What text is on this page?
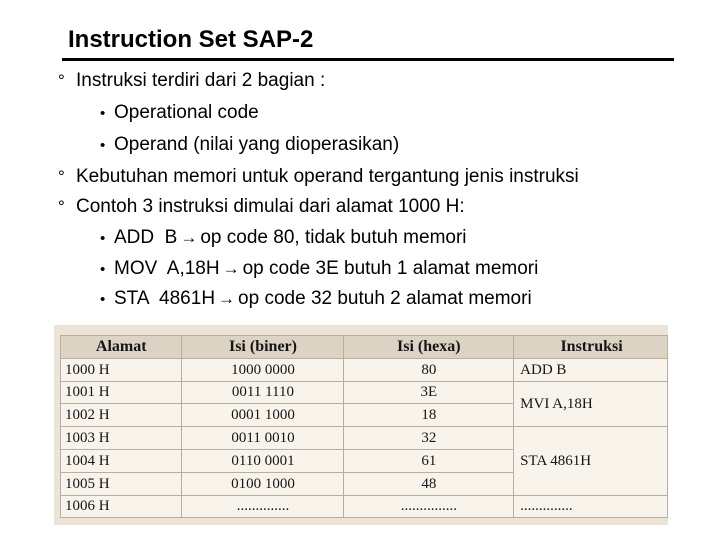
Instruction Set SAP-2
° Instruksi terdiri dari 2 bagian :
• Operational code
• Operand (nilai yang dioperasikan)
° Kebutuhan memori untuk operand tergantung jenis instruksi
° Contoh 3 instruksi dimulai dari alamat 1000 H:
• ADD  B → op code 80, tidak butuh memori
• MOV  A,18H → op code 3E butuh 1 alamat memori
• STA  4861H → op code 32 butuh 2 alamat memori
Alamat	Isi (biner)	Isi (hexa)	Instruksi
1000 H	1000 0000	80	ADD B
1001 H	0011 1110	3E	MVI A,18H
1002 H	0001 1000	18	
1003 H	0011 0010	32	STA 4861H
1004 H	0110 0001	61	
1005 H	0100 1000	48	
1006 H	..............	...............	..............
